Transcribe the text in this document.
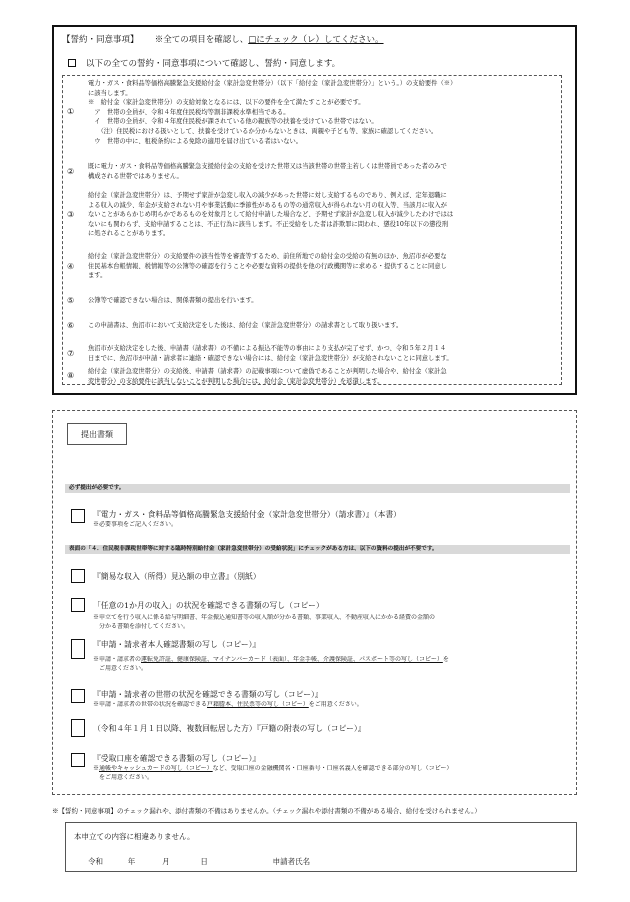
【誓約・同意事項】 ※全ての項目を確認し、□にチェック（レ）してください。
以下の全ての誓約・同意事項について確認し、誓約・同意します。
①
電力・ガス・食料品等価格高騰緊急支援給付金（家計急変世帯分）（以下「給付金（家計急変世帯分）」という。）の支給要件（※）
に該当します。
※　給付金（家計急変世帯分）の支給対象となるには、以下の要件を全て満たすことが必要です。
　ア　世帯の全員が、令和４年度住民税均等割非課税水準相当である。
　イ　世帯の全員が、令和４年度住民税が課されている他の親族等の扶養を受けている世帯ではない。
　　（注）住民税における扱いとして、扶養を受けているか分からないときは、両親や子ども等、家族に確認してください。
　ウ　世帯の中に、租税条約による免除の適用を届け出ている者はいない。
②
既に電力・ガス・食料品等価格高騰緊急支援給付金の支給を受けた世帯又は当該世帯の世帯主若しくは世帯員であった者のみで
構成される世帯ではありません。
③
給付金（家計急変世帯分）は、予期せず家計が急変し収入の減少があった世帯に対し支給するものであり、例えば、定年退職に
よる収入の減少、年金が支給されない月や事業活動に季節性があるもの等の通常収入が得られない月の収入等、当該月に収入が
ないことがあらかじめ明らかであるものを対象月として給付申請した場合など、予期せず家計が急変し収入が減少したわけではは
ないにも関わらず、支給申請することは、不正行為に該当します。不正受給をした者は詐欺罪に問われ、懲役10年以下の懲役刑
に処されることがあります。
④
給付金（家計急変世帯分）の支給要件の該当性等を審査等するため、前住所地での給付金の受給の有無のほか、魚沼市が必要な
住民基本台帳情報、税情報等の公簿等の確認を行うことや必要な資料の提供を他の行政機関等に求める・提供することに同意し
ます。
⑤ 公簿等で確認できない場合は、関係書類の提出を行います。
⑥ この申請書は、魚沼市において支給決定をした後は、給付金（家計急変世帯分）の請求書として取り扱います。
⑦
魚沼市が支給決定をした後、申請書（請求書）の不備による振込不能等の事由により支払が完了せず、かつ、令和５年２月１４
日までに、魚沼市が申請・請求者に連絡・確認できない場合には、給付金（家計急変世帯分）が支給されないことに同意します。
⑧ 給付金（家計急変世帯分）の支給後、申請書（請求書）の記載事項について虚偽であることが判明した場合や、給付金（家計急
変世帯分）の支給要件に該当しないことが判明した場合には、給付金（家計急変世帯分）を返還します。
提出書類
必ず提出が必要です。
『電力・ガス・食料品等価格高騰緊急支援給付金（家計急変世帯分）（請求書）』（本書）
※必要事項をご記入ください。
表面の「４．住民税非課税世帯等に対する臨時特別給付金（家計急変世帯分）の受給状況」にチェックがある方は、以下の資料の提出が不要です。
『簡易な収入（所得）見込額の申立書』（別紙）
「任意の1か月の収入」の状況を確認できる書類の写し（コピー）
※申立てを行う収入に係る給与明細書、年金振込通知書等の収入額が分かる書類、事業収入、不動産収入にかかる経費の金額の
　分かる書類を添付してください。
『申請・請求者本人確認書類の写し（コピー）』
※申請・請求者の運転免許証、健康保険証、マイナンバーカード（表面）、年金手帳、介護保険証、パスポート等の写し（コピー）を
　ご用意ください。
『申請・請求者の世帯の状況を確認できる書類の写し（コピー）』
※申請・請求者の世帯の状況を確認できる戸籍謄本、住民票等の写し（コピー）をご用意ください。
（令和４年１月１日以降、複数回転居した方）『戸籍の附表の写し（コピー）』
『受取口座を確認できる書類の写し（コピー）』
※通帳やキャッシュカードの写し（コピー）など、受取口座の金融機関名・口座番号・口座名義人を確認できる部分の写し（コピー）
　をご用意ください。
※【誓約・同意事項】のチェック漏れや、添付書類の不備はありませんか。（チェック漏れや添付書類の不備がある場合、給付を受けられません。）
本申立ての内容に相違ありません。
令和	年	月	日	申請者氏名
